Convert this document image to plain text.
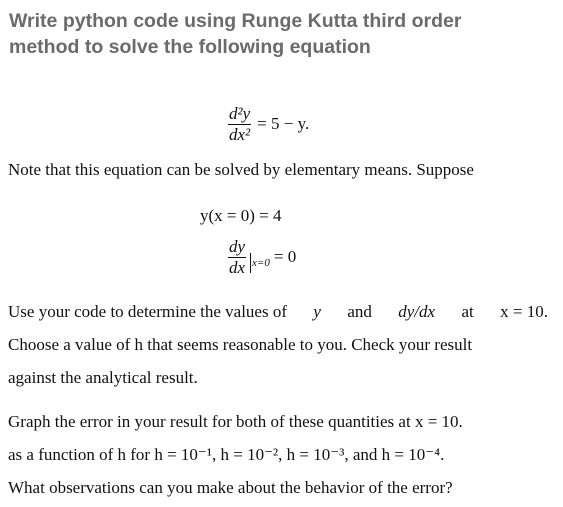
Write python code using Runge Kutta third order
method to solve the following equation
$\frac{\text{d²y}}{\text{dx²}} = 5 - y$.

Note that this equation can be solved by elementary means. Suppose

y(x = 0) = 4
$\frac{dy}{dx} x=0 = 0$
Use your code to determine the values of y and dy/dx at x = 10.
Choose a value of h that seems reasonable to you. Check your result
against the analytical result.
Graph the error in your result for both of these quantities at x = 10.
as a function of h for h = 10⁻¹, h = 10⁻², h = 10⁻³, and h = 10⁻⁴.
What observations can you make about the behavior of the error?
